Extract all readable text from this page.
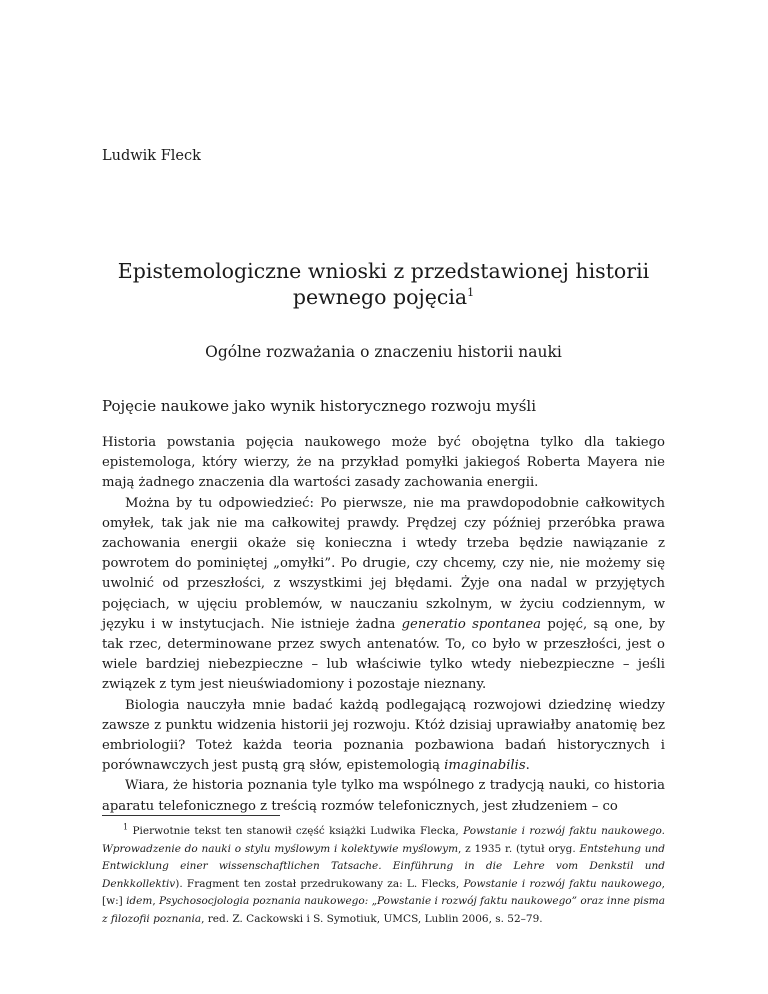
Ludwik Fleck

Epistemologiczne wnioski z przedstawionej historii
pewnego pojęcia$^1$
Ogólne rozważania o znaczeniu historii nauki
Pojęcie naukowe jako wynik historycznego rozwoju myśli

Historia powstania pojęcia naukowego może być obojętna tylko dla takiego epistemologa, który wierzy, że na przykład pomyłki jakiegoś Roberta Mayera nie mają żadnego znaczenia dla wartości zasady zachowania energii.

Można by tu odpowiedzieć: Po pierwsze, nie ma prawdopodobnie całkowitych omyłek, tak jak nie ma całkowitej prawdy. Prędzej czy później przeróbka prawa zachowania energii okaże się konieczna i wtedy trzeba będzie nawiązanie z powrotem do pominiętej „omyłki”. Po drugie, czy chcemy, czy nie, nie możemy się uwolnić od przeszłości, z wszystkimi jej błędami. Żyje ona nadal w przyjętych pojęciach, w ujęciu problemów, w nauczaniu szkolnym, w życiu codziennym, w języku i w instytucjach. Nie istnieje żadna generatio spontanea pojęć, są one, by tak rzec, determinowane przez swych antenatów. To, co było w przeszłości, jest o wiele bardziej niebezpieczne – lub właściwie tylko wtedy niebezpieczne – jeśli związek z tym jest nieuświadomiony i pozostaje nieznany.

Biologia nauczyła mnie badać każdą podlegającą rozwojowi dziedzinę wiedzy zawsze z punktu widzenia historii jej rozwoju. Któż dzisiaj uprawiałby anatomię bez embriologii? Toteż każda teoria poznania pozbawiona badań historycznych i porównawczych jest pustą grą słów, epistemologią imaginabilis.

Wiara, że historia poznania tyle tylko ma wspólnego z tradycją nauki, co historia aparatu telefonicznego z treścią rozmów telefonicznych, jest złudzeniem – co

$^1$ Pierwotnie tekst ten stanowił część książki Ludwika Flecka, Powstanie i rozwój faktu naukowego. Wprowadzenie do nauki o stylu myślowym i kolektywie myślowym, z 1935 r. (tytuł oryg. Entstehung und Entwicklung einer wissenschaftlichen Tatsache. Einführung in die Lehre vom Denkstil und Denkkollektiv). Fragment ten został przedrukowany za: L. Flecks, Powstanie i rozwój faktu naukowego, [w:] idem, Psychosocjologia poznania naukowego: „Powstanie i rozwój faktu naukowego” oraz inne pisma z filozofii poznania, red. Z. Cackowski i S. Symotiuk, UMCS, Lublin 2006, s. 52–79.
